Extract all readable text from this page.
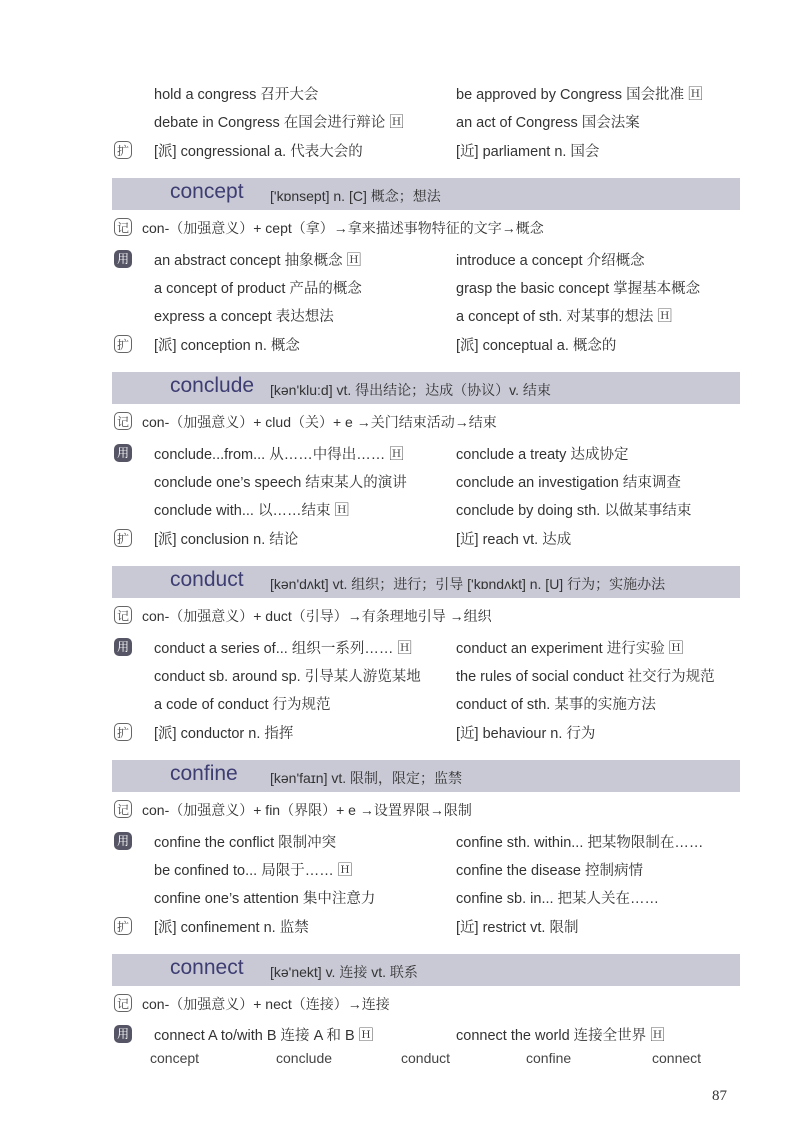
hold a congress 召开大会	be approved by Congress 国会批准 🄷
debate in Congress 在国会进行辩论 🄷	an act of Congress 国会法案
扩 [派] congressional a. 代表大会的	[近] parliament n. 国会
concept ['kɒnsept] n. [C] 概念；想法
记 con-（加强意义）+ cept（拿）→拿来描述事物特征的文字→概念
用 an abstract concept 抽象概念 🄷	introduce a concept 介绍概念
a concept of product 产品的概念	grasp the basic concept 掌握基本概念
express a concept 表达想法	a concept of sth. 对某事的想法 🄷
扩 [派] conception n. 概念	[派] conceptual a. 概念的
conclude [kən'klu:d] vt. 得出结论；达成（协议）v. 结束
记 con-（加强意义）+ clud（关）+ e →关门结束活动→结束
用 conclude...from... 从……中得出…… 🄷	conclude a treaty 达成协定
conclude one’s speech 结束某人的演讲	conclude an investigation 结束调查
conclude with... 以……结束 🄷	conclude by doing sth. 以做某事结束
扩 [派] conclusion n. 结论	[近] reach vt. 达成
conduct [kən'dʌkt] vt. 组织；进行；引导 ['kɒndʌkt] n. [U] 行为；实施办法
记 con-（加强意义）+ duct（引导）→有条理地引导 →组织
用 conduct a series of... 组织一系列…… 🄷	conduct an experiment 进行实验 🄷
conduct sb. around sp. 引导某人游览某地 the rules of social conduct 社交行为规范
a code of conduct 行为规范	conduct of sth. 某事的实施方法
扩 [派] conductor n. 指挥	[近] behaviour n. 行为
confine [kən'faɪn] vt. 限制，限定；监禁
记 con-（加强意义）+ fin（界限）+ e →设置界限→限制
用 confine the conflict 限制冲突	confine sth. within... 把某物限制在……
be confined to... 局限于…… 🄷	confine the disease 控制病情
confine one’s attention 集中注意力	confine sb. in... 把某人关在……
扩 [派] confinement n. 监禁	[近] restrict vt. 限制
connect [kə'nekt] v. 连接 vt. 联系
记 con-（加强意义）+ nect（连接）→连接
用 connect A to/with B 连接 A 和 B 🄷	connect the world 连接全世界 🄷
concept	conclude	conduct	confine	connect
87
